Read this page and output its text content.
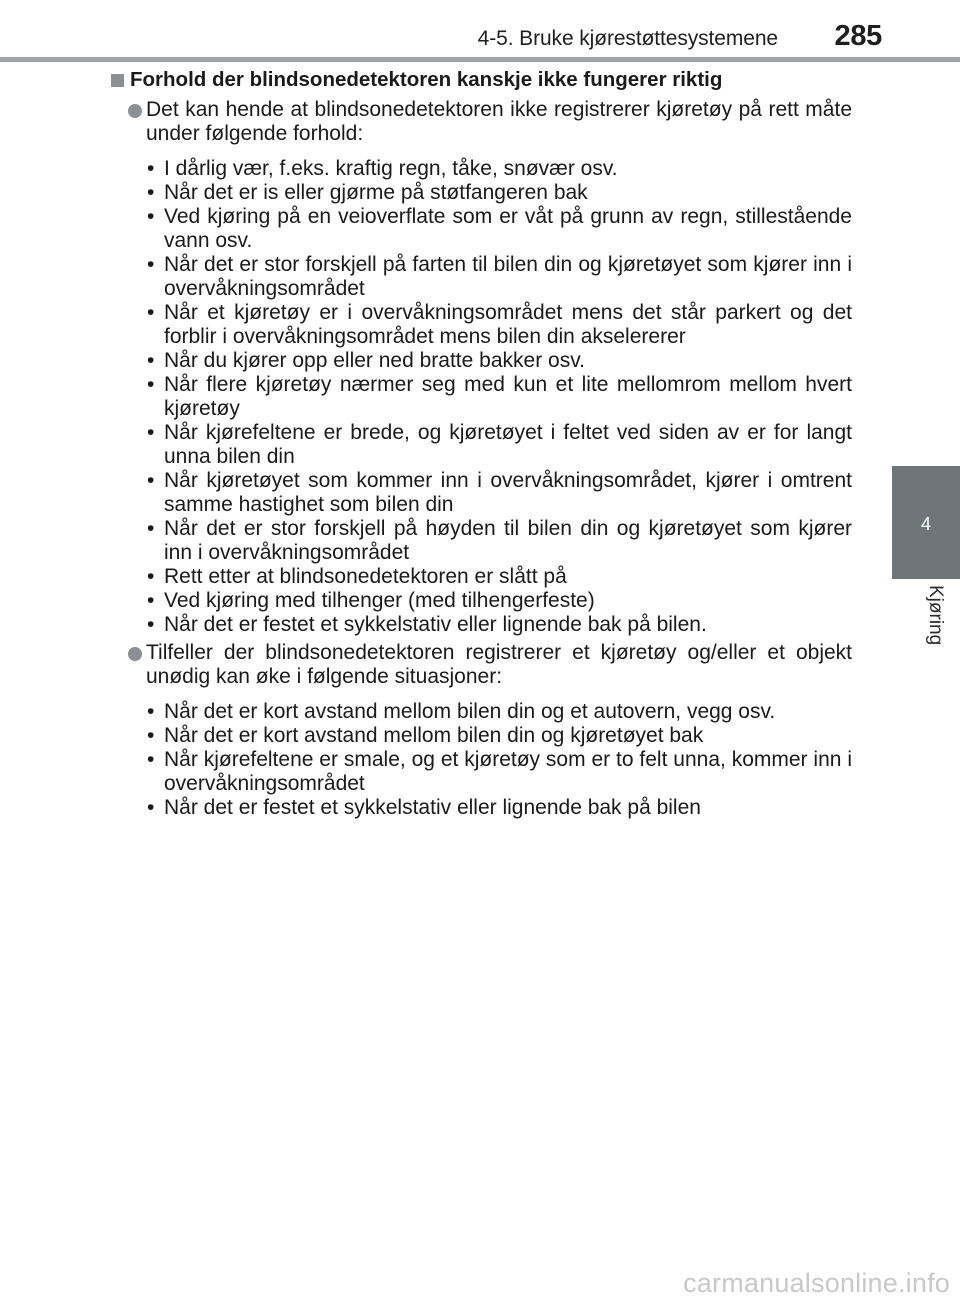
4-5. Bruke kjørestøttesystemene 285
4
Kjøring
Forhold der blindsonedetektoren kanskje ikke fungerer riktig
Det kan hende at blindsonedetektoren ikke registrerer kjøretøy på rett måte under følgende forhold:
• I dårlig vær, f.eks. kraftig regn, tåke, snøvær osv.
• Når det er is eller gjørme på støtfangeren bak
• Ved kjøring på en veioverflate som er våt på grunn av regn, stillestående vann osv.
• Når det er stor forskjell på farten til bilen din og kjøretøyet som kjører inn i overvåkningsområdet
• Når et kjøretøy er i overvåkningsområdet mens det står parkert og det forblir i overvåkningsområdet mens bilen din akselererer
• Når du kjører opp eller ned bratte bakker osv.
• Når flere kjøretøy nærmer seg med kun et lite mellomrom mellom hvert kjøretøy
• Når kjørefeltene er brede, og kjøretøyet i feltet ved siden av er for langt unna bilen din
• Når kjøretøyet som kommer inn i overvåkningsområdet, kjører i omtrent samme hastighet som bilen din
• Når det er stor forskjell på høyden til bilen din og kjøretøyet som kjører inn i overvåkningsområdet
• Rett etter at blindsonedetektoren er slått på
• Ved kjøring med tilhenger (med tilhengerfeste)
• Når det er festet et sykkelstativ eller lignende bak på bilen.
Tilfeller der blindsonedetektoren registrerer et kjøretøy og/eller et objekt unødig kan øke i følgende situasjoner:
• Når det er kort avstand mellom bilen din og et autovern, vegg osv.
• Når det er kort avstand mellom bilen din og kjøretøyet bak
• Når kjørefeltene er smale, og et kjøretøy som er to felt unna, kommer inn i overvåkningsområdet
• Når det er festet et sykkelstativ eller lignende bak på bilen
carmanualsonline.info
